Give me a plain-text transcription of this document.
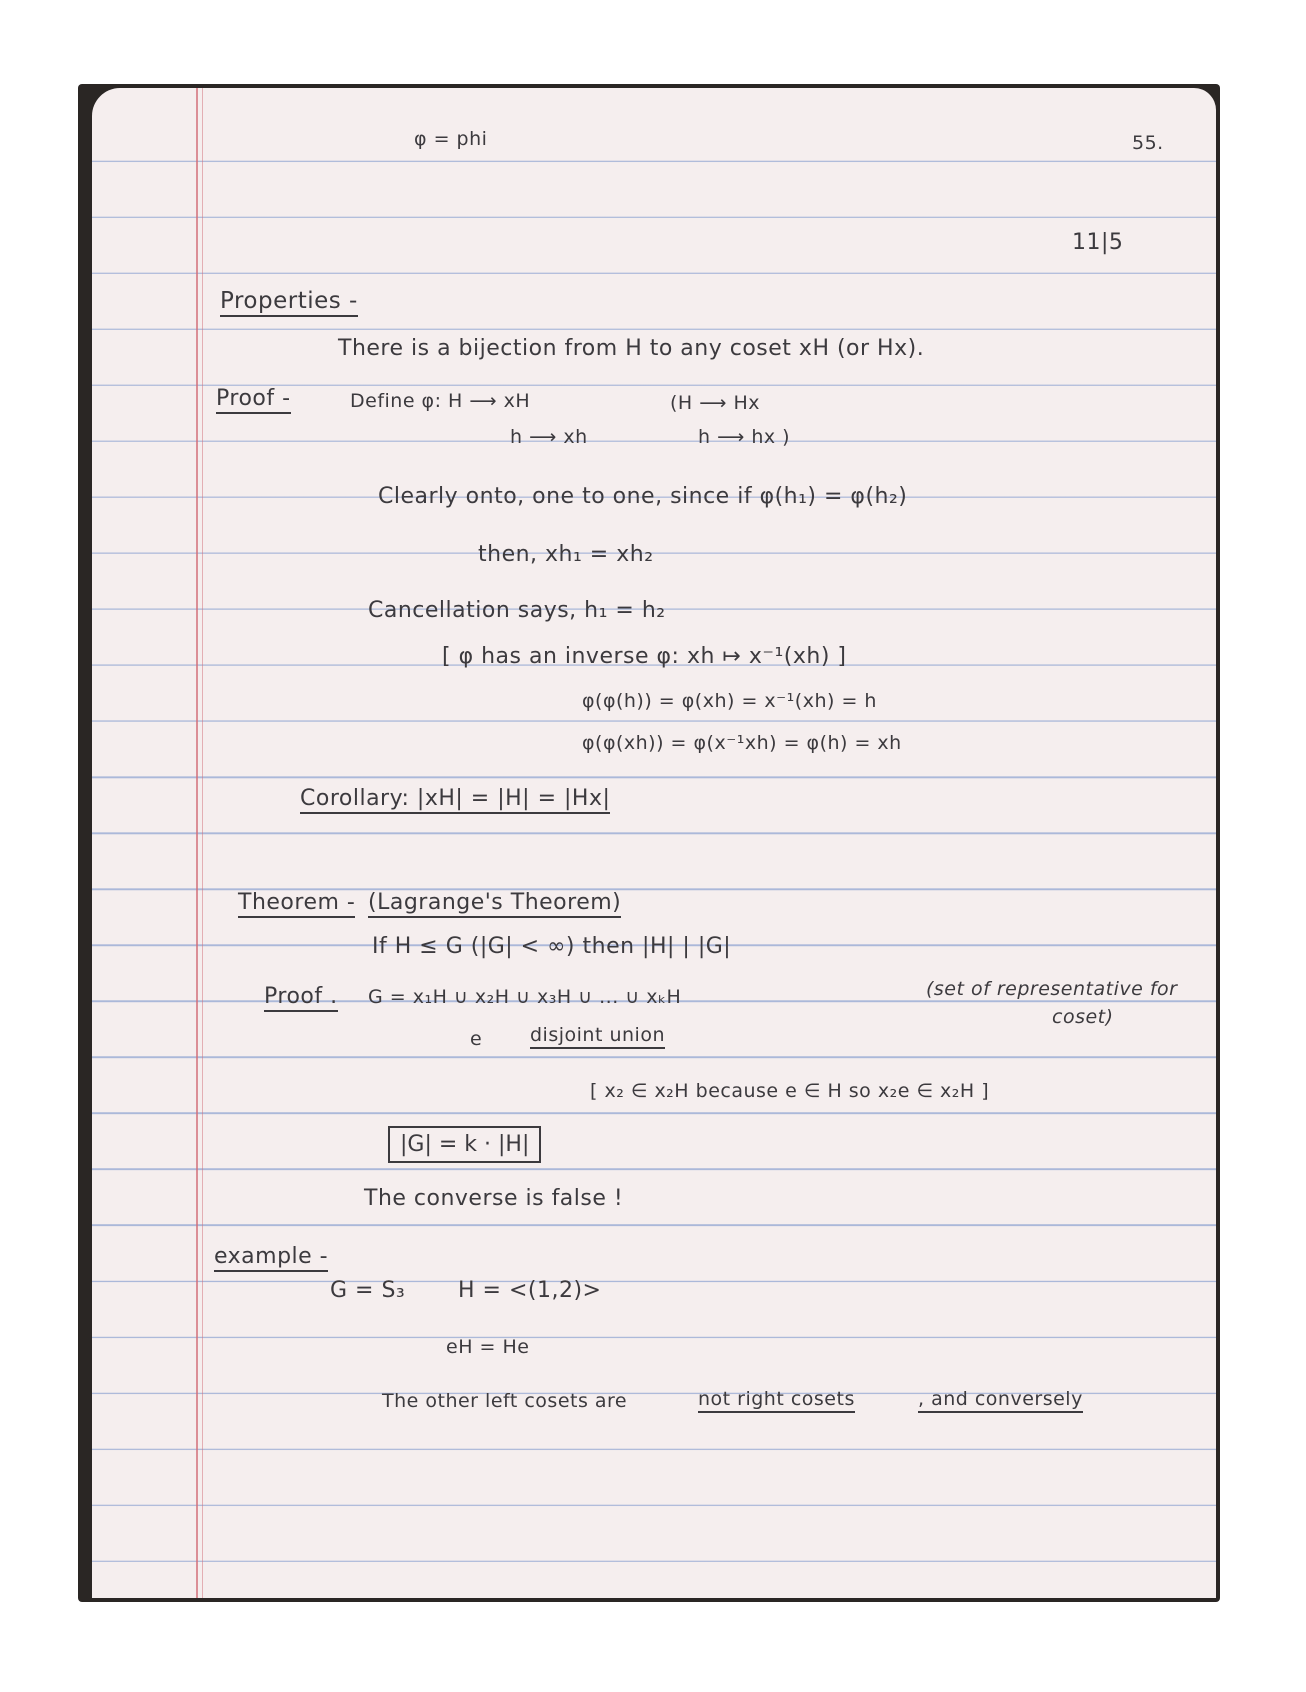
φ = phi	55.
11|5
Properties -
There is a bijection from H to any coset xH (or Hx).
Proof -	Define φ: H ⟶ xH	(H ⟶ Hx
h ⟶ xh	h ⟶ hx )
Clearly onto, one to one, since if φ(h₁) = φ(h₂)
then, xh₁ = xh₂
Cancellation says, h₁ = h₂
[ φ has an inverse φ: xh ↦ x⁻¹(xh) ]
φ(φ(h)) = φ(xh) = x⁻¹(xh) = h
φ(φ(xh)) = φ(x⁻¹xh) = φ(h) = xh
Corollary: |xH| = |H| = |Hx|
Theorem - (Lagrange's Theorem)
If H ≤ G (|G| < ∞) then |H| | |G|
Proof . G = x₁H ∪ x₂H ∪ x₃H ∪ ... ∪ xₖH	(set of representative for
coset)
e	disjoint union
[ x₂ ∈ x₂H because e ∈ H so x₂e ∈ x₂H ]
|G| = k · |H|
The converse is false !
example -
G = S₃ H = <(1,2)>
eH = He
The other left cosets are	not right cosets	, and conversely
